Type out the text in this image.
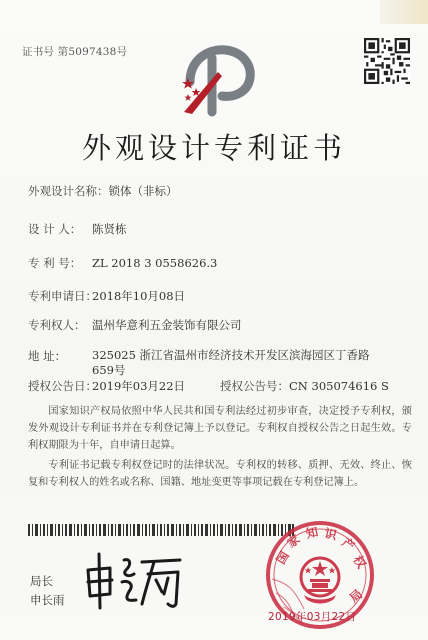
证书号 第5097438号
外观设计专利证书
外观设计名称：锁体（非标）
设 计 人： 陈贤栋
专 利 号： ZL 2018 3 0558626.3
专利申请日：2018年10月08日
专利权人： 温州华意利五金装饰有限公司
地 址： 325025 浙江省温州市经济技术开发区滨海园区丁香路659号
授权公告日：2019年03月22日	授权公告号：CN 305074616 S
国家知识产权局依照中华人民共和国专利法经过初步审查，决定授予专利权，颁发外观设计专利证书并在专利登记簿上予以登记。专利权自授权公告之日起生效。专利权期限为十年，自申请日起算。
专利证书记载专利权登记时的法律状况。专利权的转移、质押、无效、终止、恢复和专利权人的姓名或名称、国籍、地址变更等事项记载在专利登记簿上。
局长
申长雨
国
家 知 识
产
权
局
2019年03月22日
